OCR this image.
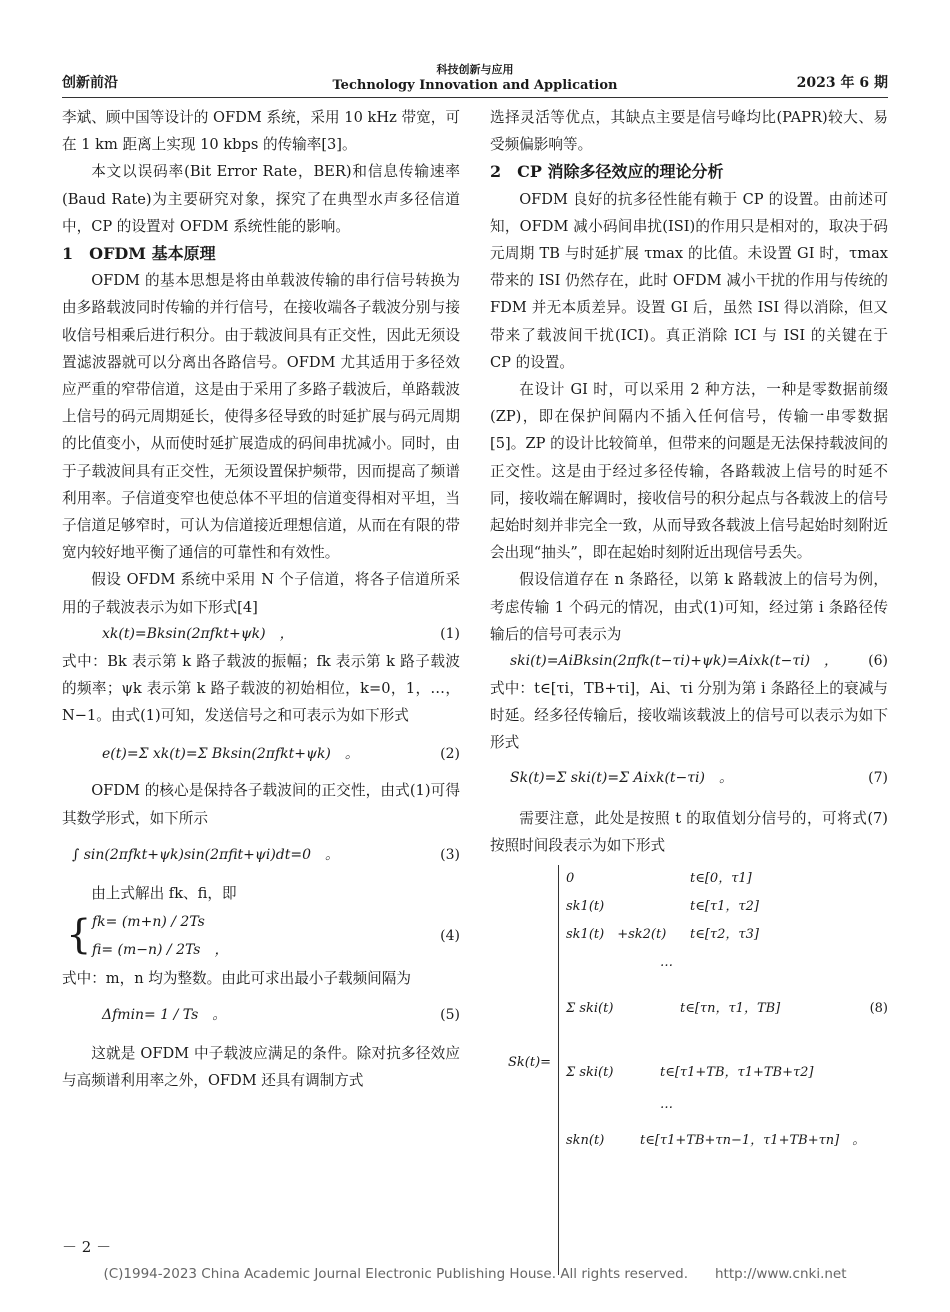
创新前沿
科技创新与应用
Technology Innovation and Application	2023 年 6 期

李斌、顾中国等设计的 OFDM 系统，采用 10 kHz 带宽，可在 1 km 距离上实现 10 kbps 的传输率[3]。

本文以误码率(Bit Error Rate，BER)和信息传输速率(Baud Rate)为主要研究对象，探究了在典型水声多径信道中，CP 的设置对 OFDM 系统性能的影响。

1　OFDM 基本原理

OFDM 的基本思想是将由单载波传输的串行信号转换为由多路载波同时传输的并行信号，在接收端各子载波分别与接收信号相乘后进行积分。由于载波间具有正交性，因此无须设置滤波器就可以分离出各路信号。OFDM 尤其适用于多径效应严重的窄带信道，这是由于采用了多路子载波后，单路载波上信号的码元周期延长，使得多径导致的时延扩展与码元周期的比值变小，从而使时延扩展造成的码间串扰减小。同时，由于子载波间具有正交性，无须设置保护频带，因而提高了频谱利用率。子信道变窄也使总体不平坦的信道变得相对平坦，当子信道足够窄时，可认为信道接近理想信道，从而在有限的带宽内较好地平衡了通信的可靠性和有效性。

假设 OFDM 系统中采用 N 个子信道，将各子信道所采用的子载波表示为如下形式[4]

xk(t)=Bksin(2πfkt+ψk)　，	(1)

式中：Bk 表示第 k 路子载波的振幅；fk 表示第 k 路子载波的频率；ψk 表示第 k 路子载波的初始相位，k=0，1，…，N−1。由式(1)可知，发送信号之和可表示为如下形式

e(t)=Σ xk(t)=Σ Bksin(2πfkt+ψk)　。	(2)

OFDM 的核心是保持各子载波间的正交性，由式(1)可得其数学形式，如下所示

∫ sin(2πfkt+ψk)sin(2πfit+ψi)dt=0　。	(3)

由上式解出 fk、fi，即

{ fk= (m+n) / 2Ts
fi= (m−n) / 2Ts　，
(4)

式中：m，n 均为整数。由此可求出最小子载频间隔为

Δfmin= 1 / Ts　。	(5)

这就是 OFDM 中子载波应满足的条件。除对抗多径效应与高频谱利用率之外，OFDM 还具有调制方式

选择灵活等优点，其缺点主要是信号峰均比(PAPR)较大、易受频偏影响等。

2　CP 消除多径效应的理论分析

OFDM 良好的抗多径性能有赖于 CP 的设置。由前述可知，OFDM 减小码间串扰(ISI)的作用只是相对的，取决于码元周期 TB 与时延扩展 τmax 的比值。未设置 GI 时，τmax 带来的 ISI 仍然存在，此时 OFDM 减小干扰的作用与传统的 FDM 并无本质差异。设置 GI 后，虽然 ISI 得以消除，但又带来了载波间干扰(ICI)。真正消除 ICI 与 ISI 的关键在于 CP 的设置。

在设计 GI 时，可以采用 2 种方法，一种是零数据前缀(ZP)，即在保护间隔内不插入任何信号，传输一串零数据[5]。ZP 的设计比较简单，但带来的问题是无法保持载波间的正交性。这是由于经过多径传输，各路载波上信号的时延不同，接收端在解调时，接收信号的积分起点与各载波上的信号起始时刻并非完全一致，从而导致各载波上信号起始时刻附近会出现“抽头”，即在起始时刻附近出现信号丢失。

假设信道存在 n 条路径，以第 k 路载波上的信号为例，考虑传输 1 个码元的情况，由式(1)可知，经过第 i 条路径传输后的信号可表示为

ski(t)=AiBksin(2πfk(t−τi)+ψk)=Aixk(t−τi)　， (6)

式中：t∈[τi，TB+τi]，Ai、τi 分别为第 i 条路径上的衰减与时延。经多径传输后，接收端该载波上的信号可以表示为如下形式

Sk(t)=Σ ski(t)=Σ Aixk(t−τi)　。	(7)

需要注意，此处是按照 t 的取值划分信号的，可将式(7)按照时间段表示为如下形式

Sk(t)=
0	t∈[0，τ1]
sk1(t)	t∈[τ1，τ2]
sk1(t)　+sk2(t) t∈[τ2，τ3]
…
Σ ski(t)	t∈[τn，τ1，TB]
Σ ski(t)	t∈[τ1+TB，τ1+TB+τ2]
…
skn(t)	t∈[τ1+TB+τn−1，τ1+TB+τn]　。
(8)
－ 2 －
(C)1994-2023 China Academic Journal Electronic Publishing House. All rights reserved.　　http://www.cnki.net
